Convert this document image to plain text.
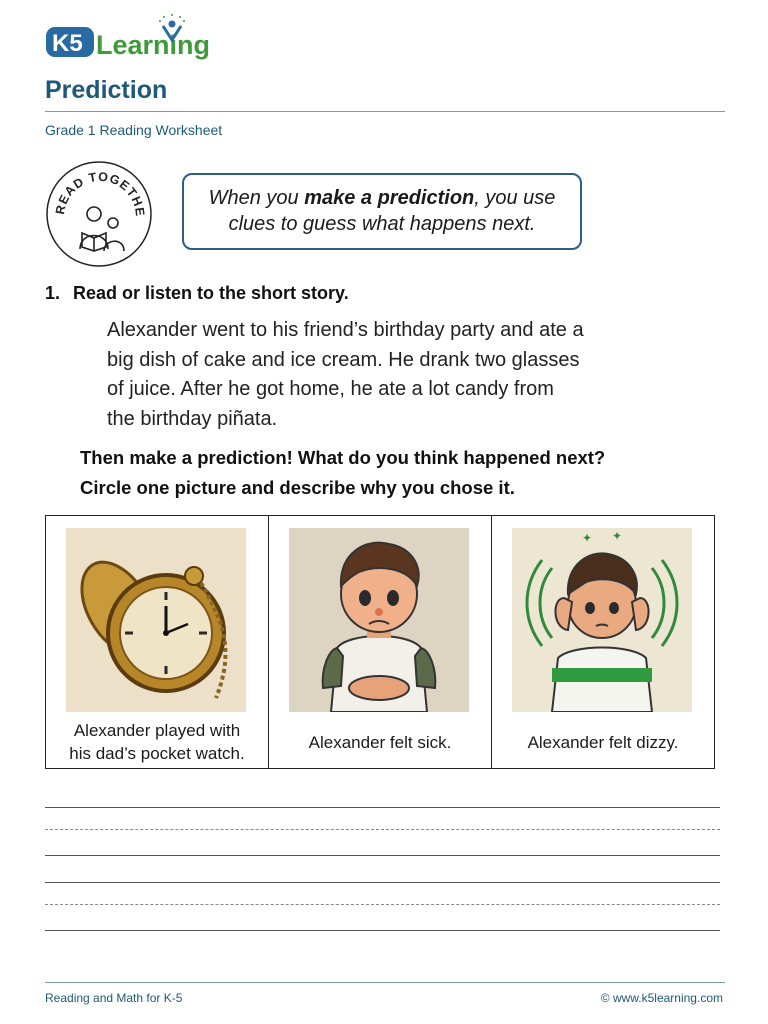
K5 Learning
Prediction
Grade 1 Reading Worksheet
READ TOGETHE
When you make a prediction, you use
clues to guess what happens next.
1. Read or listen to the short story.
Alexander went to his friend’s birthday party and ate a
big dish of cake and ice cream. He drank two glasses
of juice. After he got home, he ate a lot candy from
the birthday piñata.
Then make a prediction! What do you think happened next?
Circle one picture and describe why you chose it.
Alexander played with
his dad’s pocket watch.
Alexander felt sick.
✦ ✦
Alexander felt dizzy.
Reading and Math for K-5	© www.k5learning.com
